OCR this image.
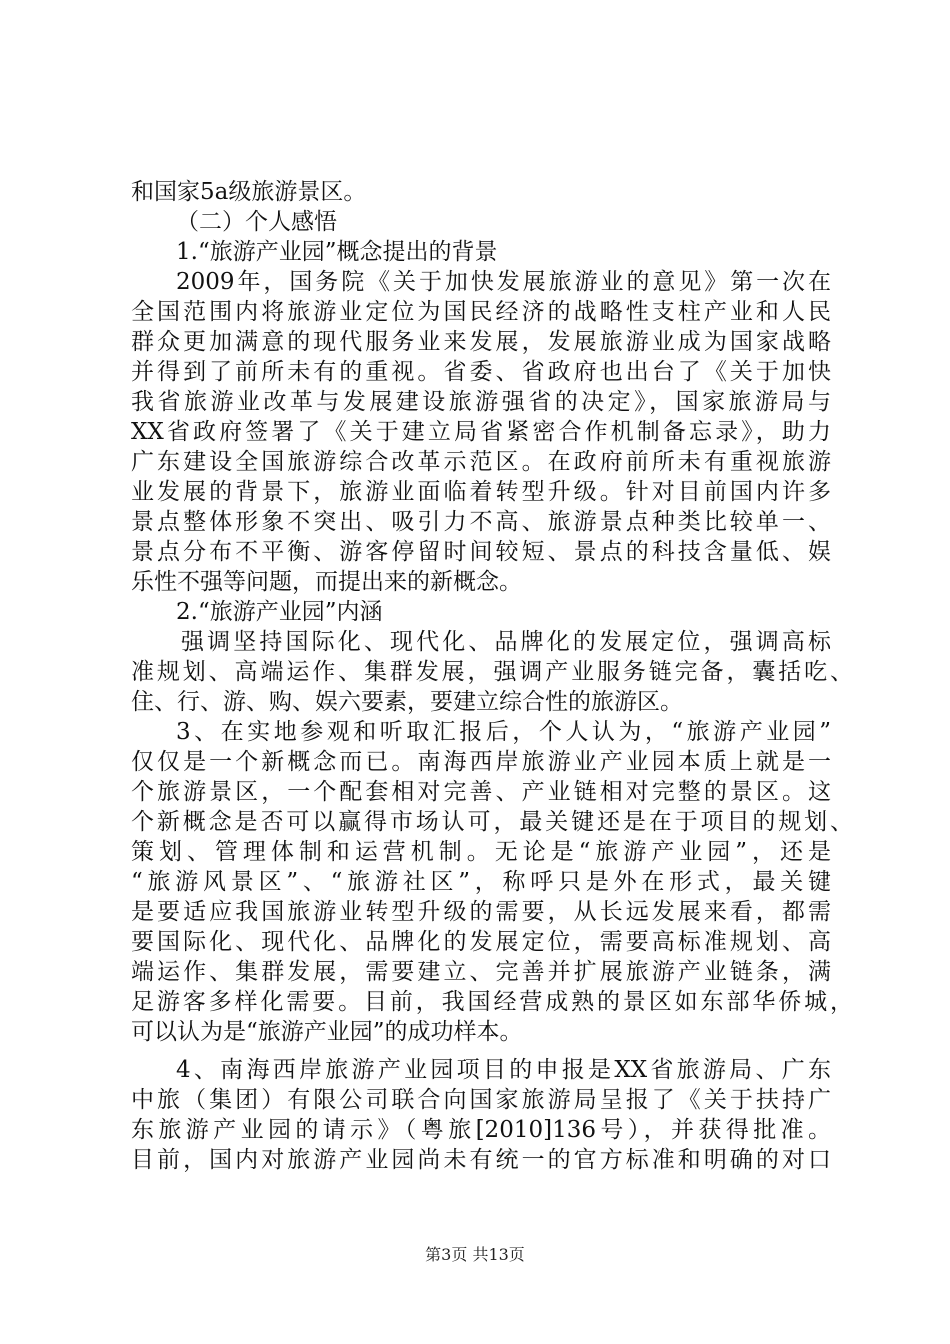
和国家5a级旅游景区。
（二）个人感悟
1.“旅游产业园”概念提出的背景
2009年，国务院《关于加快发展旅游业的意见》第一次在
全国范围内将旅游业定位为国民经济的战略性支柱产业和人民
群众更加满意的现代服务业来发展，发展旅游业成为国家战略
并得到了前所未有的重视。省委、省政府也出台了《关于加快
我省旅游业改革与发展建设旅游强省的决定》，国家旅游局与
XX省政府签署了《关于建立局省紧密合作机制备忘录》，助力
广东建设全国旅游综合改革示范区。在政府前所未有重视旅游
业发展的背景下，旅游业面临着转型升级。针对目前国内许多
景点整体形象不突出、吸引力不高、旅游景点种类比较单一、
景点分布不平衡、游客停留时间较短、景点的科技含量低、娱
乐性不强等问题，而提出来的新概念。
2.“旅游产业园”内涵
强调坚持国际化、现代化、品牌化的发展定位，强调高标
准规划、高端运作、集群发展，强调产业服务链完备，囊括吃、
住、行、游、购、娱六要素，要建立综合性的旅游区。
3、在实地参观和听取汇报后，个人认为，“旅游产业园”
仅仅是一个新概念而已。南海西岸旅游业产业园本质上就是一
个旅游景区，一个配套相对完善、产业链相对完整的景区。这
个新概念是否可以赢得市场认可，最关键还是在于项目的规划、
策划、管理体制和运营机制。无论是“旅游产业园”，还是
“旅游风景区”、“旅游社区”，称呼只是外在形式，最关键
是要适应我国旅游业转型升级的需要，从长远发展来看，都需
要国际化、现代化、品牌化的发展定位，需要高标准规划、高
端运作、集群发展，需要建立、完善并扩展旅游产业链条，满
足游客多样化需要。目前，我国经营成熟的景区如东部华侨城，
可以认为是“旅游产业园”的成功样本。
4、南海西岸旅游产业园项目的申报是XX省旅游局、广东
中旅（集团）有限公司联合向国家旅游局呈报了《关于扶持广
东旅游产业园的请示》（粤旅[2010]136号），并获得批准。
目前，国内对旅游产业园尚未有统一的官方标准和明确的对口
第3页 共13页
